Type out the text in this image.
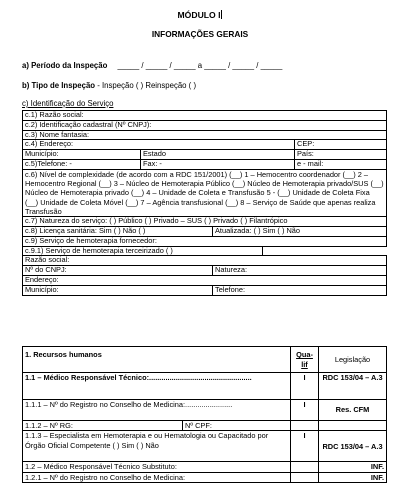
MÓDULO I
INFORMAÇÕES GERAIS
a) Período da Inspeção _____ / _____ / _____ a _____ / _____ / _____
b) Tipo de Inspeção - Inspeção ( ) Reinspeção ( )
c) Identificação do Serviço
c.1) Razão social:				
c.2) Identificação cadastral (Nº CNPJ):				
c.3) Nome fantasia:				
c.4) Endereço:				CEP:
Município:	Estado			País:
c.5)Telefone: -	Fax: -			e - mail:
c.6) Nível de complexidade (de acordo com a RDC 151/2001) (__) 1 – Hemocentro coordenador (__) 2 – Hemocentro Regional (__) 3 – Núcleo de Hemoterapia Público (__) Núcleo de Hemoterapia privado/SUS (__) Núcleo de Hemoterapia privado (__) 4 – Unidade de Coleta e Transfusão 5 - (__) Unidade de Coleta Fixa (__) Unidade de Coleta Móvel (__) 7 – Agência transfusional (__) 8 – Serviço de Saúde que apenas realiza Transfusão				
c.7) Natureza do serviço: ( ) Público ( ) Privado – SUS ( ) Privado ( ) Filantrópico				
c.8) Licença sanitária: Sim ( ) Não ( )		Atualizada: ( ) Sim ( ) Não		
c.9) Serviço de hemoterapia fornecedor:				
c.9.1) Serviço de hemoterapia terceirizado ( )				
Razão social:				
Nº do CNPJ:		Natureza:		
Endereço:				
Município:		Telefone:		
1. Recursos humanos		Qua-lif	Legislação
1.1 – Médico Responsável Técnico:..................................................		I	RDC 153/04 – A.3
1.1.1 – Nº do Registro no Conselho de Medicina:.......................		I	Res. CFM
1.1.2 – Nº RG:	Nº CPF:		
1.1.3 – Especialista em Hemoterapia e ou Hematologia ou Capacitado por Órgão Oficial Competente ( ) Sim ( ) Não		I	RDC 153/04 – A.3
1.2 – Médico Responsável Técnico Substituto:			INF.
1.2.1 – Nº do Registro no Conselho de Medicina:			INF.
